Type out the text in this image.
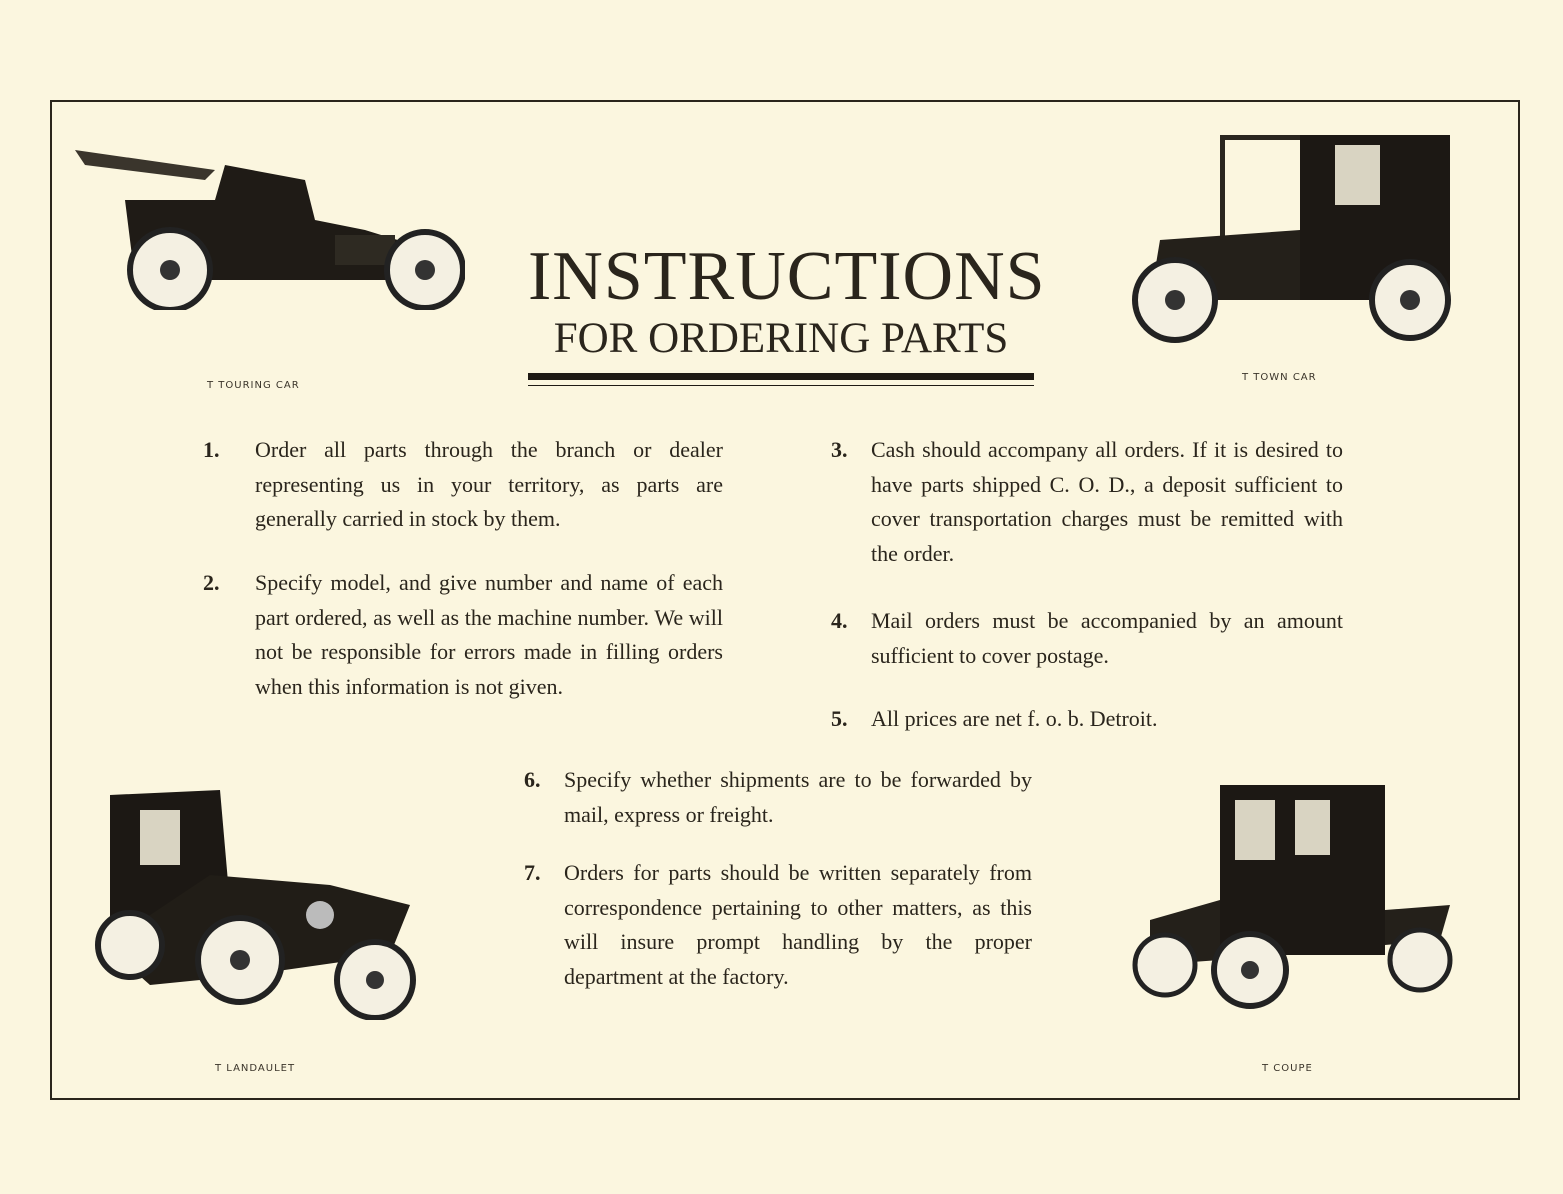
T TOURING CAR
T TOWN CAR
T LANDAULET	T COUPE
INSTRUCTIONS
FOR ORDERING PARTS
1. Order all parts through the branch or dealer representing us in your territory, as parts are generally carried in stock by them.
2. Specify model, and give number and name of each part ordered, as well as the machine number. We will not be responsible for errors made in filling orders when this information is not given.
3. Cash should accompany all orders. If it is desired to have parts shipped C. O. D., a deposit sufficient to cover transportation charges must be remitted with the order.
4. Mail orders must be accompanied by an amount sufficient to cover postage.
5. All prices are net f. o. b. Detroit.
6. Specify whether shipments are to be forwarded by mail, express or freight.
7. Orders for parts should be written separately from correspondence pertaining to other matters, as this will insure prompt handling by the proper department at the factory.
